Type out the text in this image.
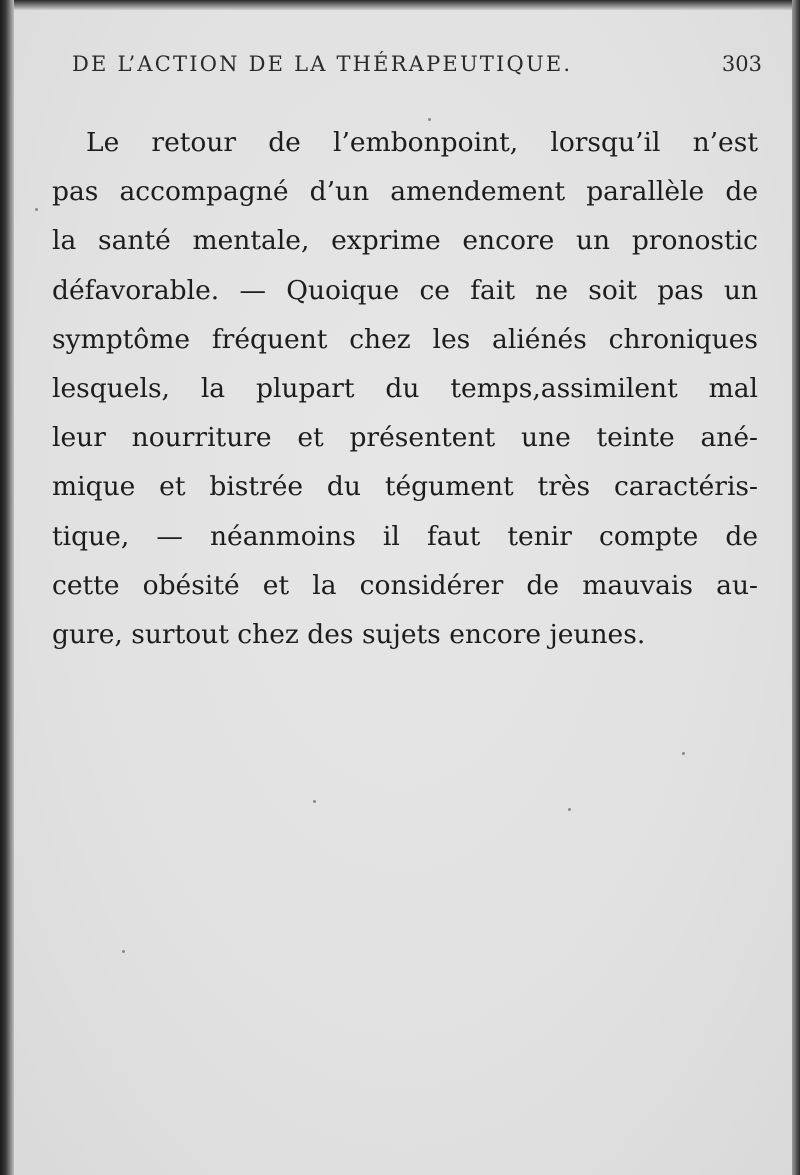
DE L’ACTION DE LA THÉRAPEUTIQUE.	303
Le retour de l’embonpoint, lorsqu’il n’est
pas accompagné d’un amendement parallèle de
la santé mentale, exprime encore un pronostic
défavorable. — Quoique ce fait ne soit pas un
symptôme fréquent chez les aliénés chroniques
lesquels, la plupart du temps,assimilent mal
leur nourriture et présentent une teinte ané-
mique et bistrée du tégument très caractéris-
tique, — néanmoins il faut tenir compte de
cette obésité et la considérer de mauvais au-
gure, surtout chez des sujets encore jeunes.
